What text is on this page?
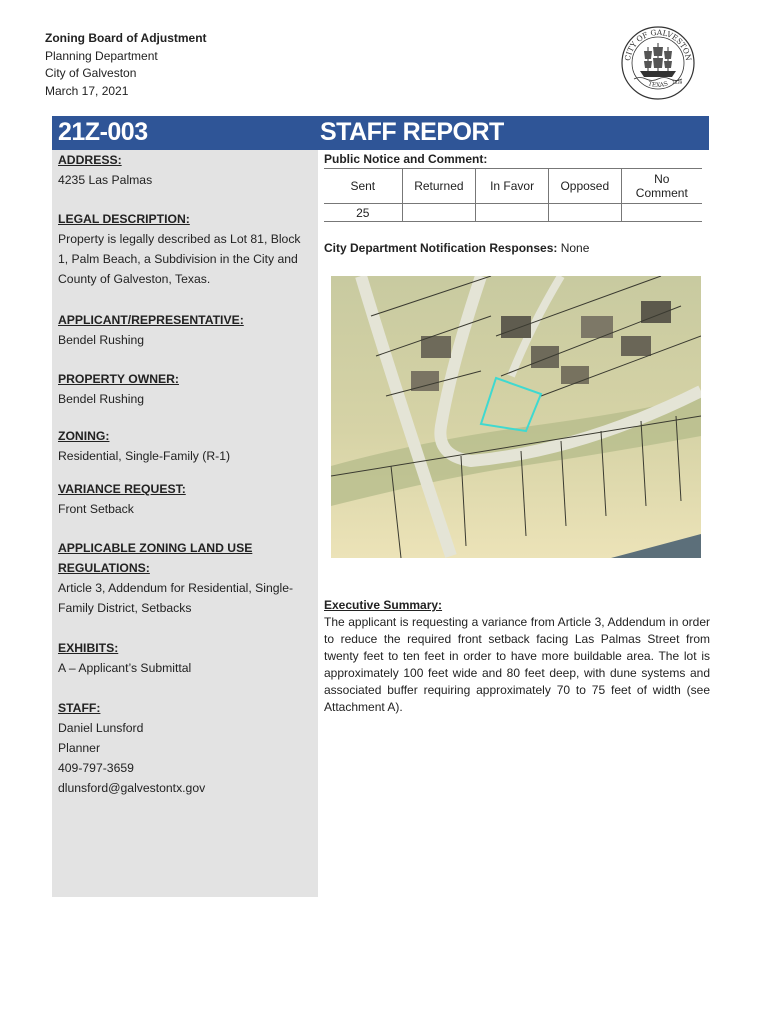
Zoning Board of Adjustment
Planning Department
City of Galveston
March 17, 2021
CITY OF GALVESTON
TEXAS 1839
21Z-003	STAFF REPORT
ADDRESS:
4235 Las Palmas
LEGAL DESCRIPTION:
Property is legally described as Lot 81, Block
1, Palm Beach, a Subdivision in the City and
County of Galveston, Texas.
APPLICANT/REPRESENTATIVE:
Bendel Rushing
PROPERTY OWNER:
Bendel Rushing
ZONING:
Residential, Single-Family (R-1)
VARIANCE REQUEST:
Front Setback
APPLICABLE ZONING LAND USE
REGULATIONS:
Article 3, Addendum for Residential, Single-
Family District, Setbacks
EXHIBITS:
A – Applicant’s Submittal
STAFF:
Daniel Lunsford
Planner
409-797-3659
dlunsford@galvestontx.gov
Public Notice and Comment:
Sent	Returned	In Favor	Opposed	No Comment
25				
City Department Notification Responses: None
Executive Summary:
The applicant is requesting a variance from Article 3, Addendum in order to reduce the required front setback facing Las Palmas Street from twenty feet to ten feet in order to have more buildable area. The lot is approximately 100 feet wide and 80 feet deep, with dune systems and associated buffer requiring approximately 70 to 75 feet of width (see Attachment A).
